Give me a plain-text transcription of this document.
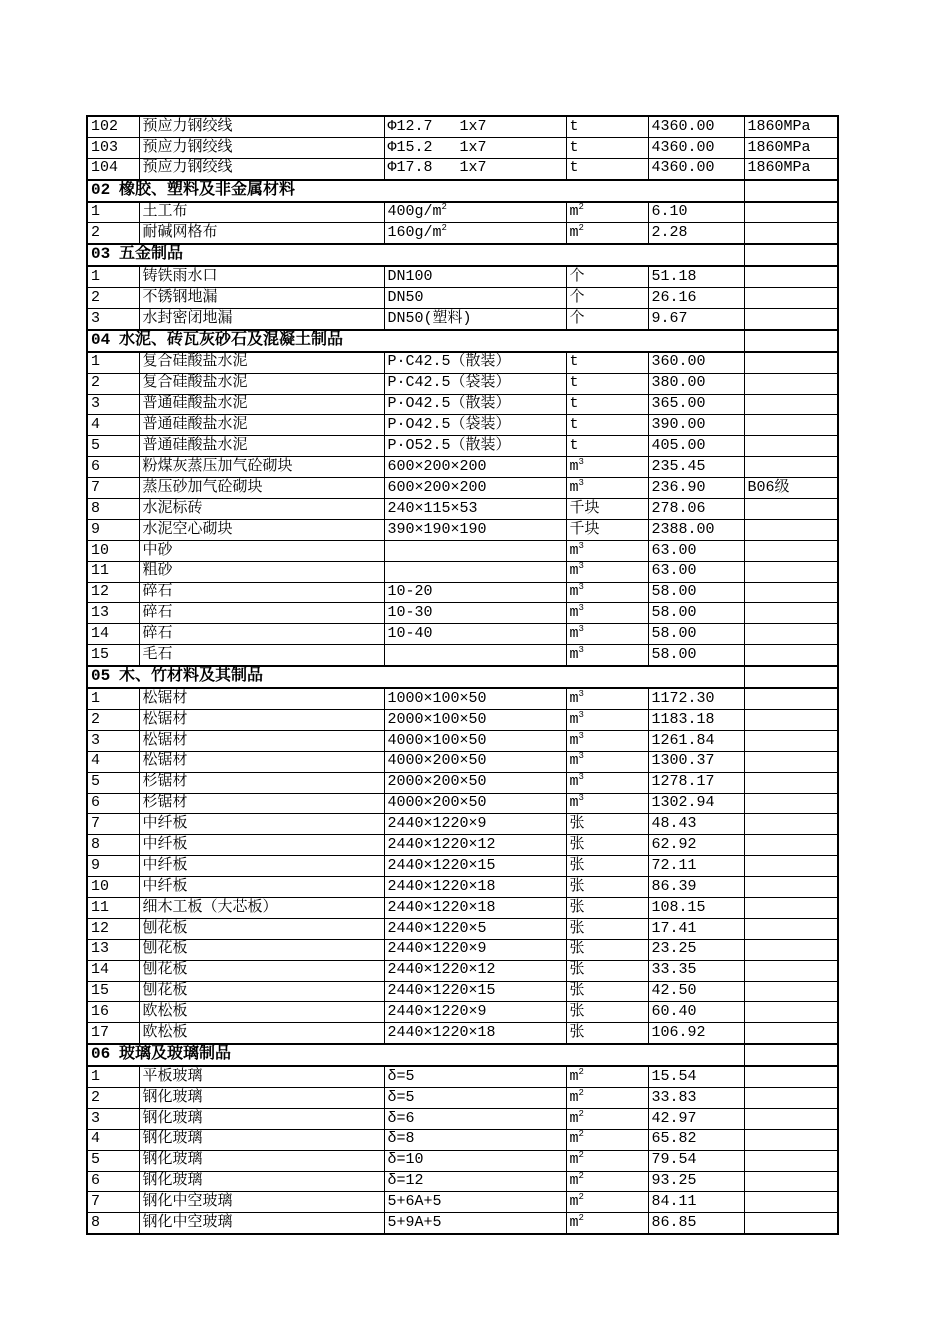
102	预应力钢绞线	Φ12.7   1x7	t	4360.00	1860MPa
103	预应力钢绞线	Φ15.2   1x7	t	4360.00	1860MPa
104	预应力钢绞线	Φ17.8   1x7	t	4360.00	1860MPa
02 橡胶、塑料及非金属材料					
1	土工布	$400g/m^2$	$m^2$	6.10	
2	耐碱网格布	$160g/m^2$	$m^2$	2.28	
03 五金制品					
1	铸铁雨水口	DN100	个	51.18	
2	不锈钢地漏	DN50	个	26.16	
3	水封密闭地漏	DN50(塑料)	个	9.67	
04 水泥、砖瓦灰砂石及混凝土制品					
1	复合硅酸盐水泥	P·C42.5（散装）	t	360.00	
2	复合硅酸盐水泥	P·C42.5（袋装）	t	380.00	
3	普通硅酸盐水泥	P·O42.5（散装）	t	365.00	
4	普通硅酸盐水泥	P·O42.5（袋装）	t	390.00	
5	普通硅酸盐水泥	P·O52.5（散装）	t	405.00	
6	粉煤灰蒸压加气砼砌块	600×200×200	$m^3$	235.45	
7	蒸压砂加气砼砌块	600×200×200	$m^3$	236.90	B06级
8	水泥标砖	240×115×53	千块	278.06	
9	水泥空心砌块	390×190×190	千块	2388.00	
10	中砂		$m^3$	63.00	
11	粗砂		$m^3$	63.00	
12	碎石	10-20	$m^3$	58.00	
13	碎石	10-30	$m^3$	58.00	
14	碎石	10-40	$m^3$	58.00	
15	毛石		$m^3$	58.00	
05 木、竹材料及其制品					
1	松锯材	1000×100×50	$m^3$	1172.30	
2	松锯材	2000×100×50	$m^3$	1183.18	
3	松锯材	4000×100×50	$m^3$	1261.84	
4	松锯材	4000×200×50	$m^3$	1300.37	
5	杉锯材	2000×200×50	$m^3$	1278.17	
6	杉锯材	4000×200×50	$m^3$	1302.94	
7	中纤板	2440×1220×9	张	48.43	
8	中纤板	2440×1220×12	张	62.92	
9	中纤板	2440×1220×15	张	72.11	
10	中纤板	2440×1220×18	张	86.39	
11	细木工板（大芯板）	2440×1220×18	张	108.15	
12	刨花板	2440×1220×5	张	17.41	
13	刨花板	2440×1220×9	张	23.25	
14	刨花板	2440×1220×12	张	33.35	
15	刨花板	2440×1220×15	张	42.50	
16	欧松板	2440×1220×9	张	60.40	
17	欧松板	2440×1220×18	张	106.92	
06 玻璃及玻璃制品					
1	平板玻璃	δ=5	$m^2$	15.54	
2	钢化玻璃	δ=5	$m^2$	33.83	
3	钢化玻璃	δ=6	$m^2$	42.97	
4	钢化玻璃	δ=8	$m^2$	65.82	
5	钢化玻璃	δ=10	$m^2$	79.54	
6	钢化玻璃	δ=12	$m^2$	93.25	
7	钢化中空玻璃	5+6A+5	$m^2$	84.11	
8	钢化中空玻璃	5+9A+5	$m^2$	86.85	
